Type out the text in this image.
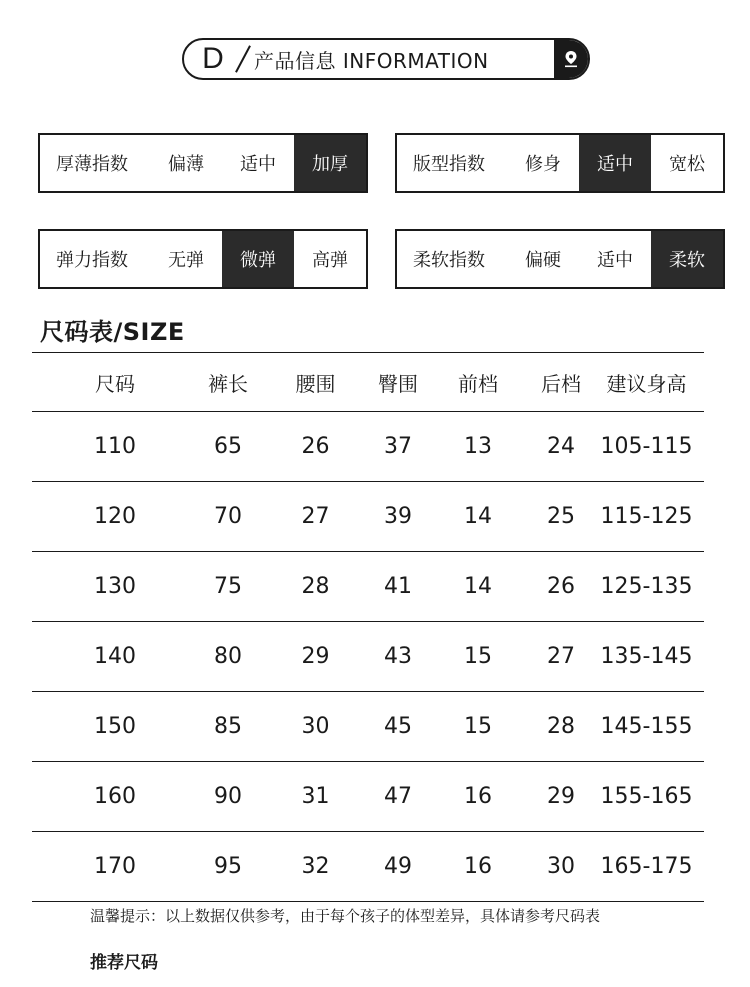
D	产品信息 INFORMATION
厚薄指数	偏薄	适中	加厚	版型指数	修身	适中	宽松
弹力指数	无弹	微弹	高弹	柔软指数	偏硬	适中	柔软
尺码表/SIZE
尺码	裤长	腰围	臀围	前档	后档	建议身高
110	65	26	37	13	24	105-115
120	70	27	39	14	25	115-125
130	75	28	41	14	26	125-135
140	80	29	43	15	27	135-145
150	85	30	45	15	28	145-155
160	90	31	47	16	29	155-165
170	95	32	49	16	30	165-175
温馨提示：以上数据仅供参考，由于每个孩子的体型差异，具体请参考尺码表
推荐尺码
